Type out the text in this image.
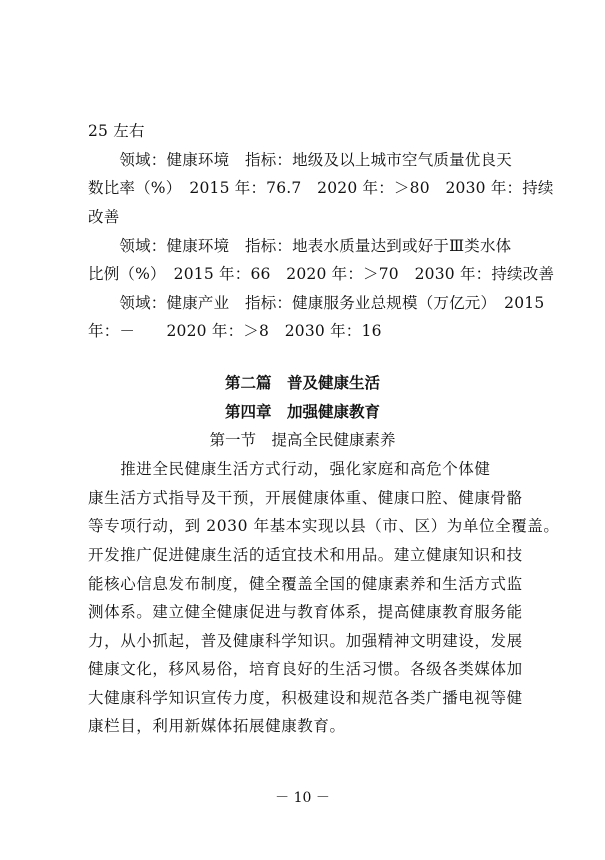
25 左右
　　领域：健康环境　指标：地级及以上城市空气质量优良天
数比率（%）　2015 年：76.7　2020 年：＞80　2030 年：持续
改善
　　领域：健康环境　指标：地表水质量达到或好于Ⅲ类水体
比例（%）　2015 年：66　2020 年：＞70　2030 年：持续改善
　　领域：健康产业　指标：健康服务业总规模（万亿元）　2015
年：－　　2020 年：＞8　2030 年：16
第二篇　普及健康生活
第四章　加强健康教育
第一节　提高全民健康素养
　　推进全民健康生活方式行动，强化家庭和高危个体健
康生活方式指导及干预，开展健康体重、健康口腔、健康骨骼
等专项行动，到 2030 年基本实现以县（市、区）为单位全覆盖。
开发推广促进健康生活的适宜技术和用品。建立健康知识和技
能核心信息发布制度，健全覆盖全国的健康素养和生活方式监
测体系。建立健全健康促进与教育体系，提高健康教育服务能
力，从小抓起，普及健康科学知识。加强精神文明建设，发展
健康文化，移风易俗，培育良好的生活习惯。各级各类媒体加
大健康科学知识宣传力度，积极建设和规范各类广播电视等健
康栏目，利用新媒体拓展健康教育。
－ 10 －
